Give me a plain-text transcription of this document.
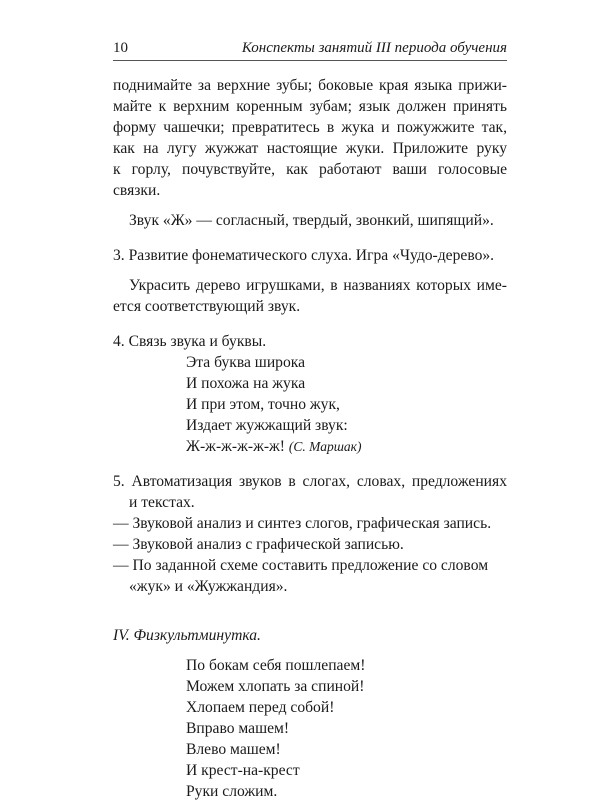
10	Конспекты занятий III периода обучения
поднимайте за верхние зубы; боковые края языка прижи-
майте к верхним коренным зубам; язык должен принять
форму чашечки; превратитесь в жука и пожужжите так,
как на лугу жужжат настоящие жуки. Приложите руку
к горлу, почувствуйте, как работают ваши голосовые
связки.
Звук «Ж» — согласный, твердый, звонкий, шипящий».
3. Развитие фонематического слуха. Игра «Чудо-дерево».
Украсить дерево игрушками, в названиях которых име-
ется соответствующий звук.
4. Связь звука и буквы.
Эта буква широка
И похожа на жука
И при этом, точно жук,
Издает жужжащий звук:
Ж-ж-ж-ж-ж-ж! (С. Маршак)
5. Автоматизация звуков в слогах, словах, предложениях
и текстах.
— Звуковой анализ и синтез слогов, графическая запись.
— Звуковой анализ с графической записью.
— По заданной схеме составить предложение со словом
«жук» и «Жужжандия».
IV. Физкультминутка.
По бокам себя пошлепаем!
Можем хлопать за спиной!
Хлопаем перед собой!
Вправо машем!
Влево машем!
И крест-на-крест
Руки сложим.
